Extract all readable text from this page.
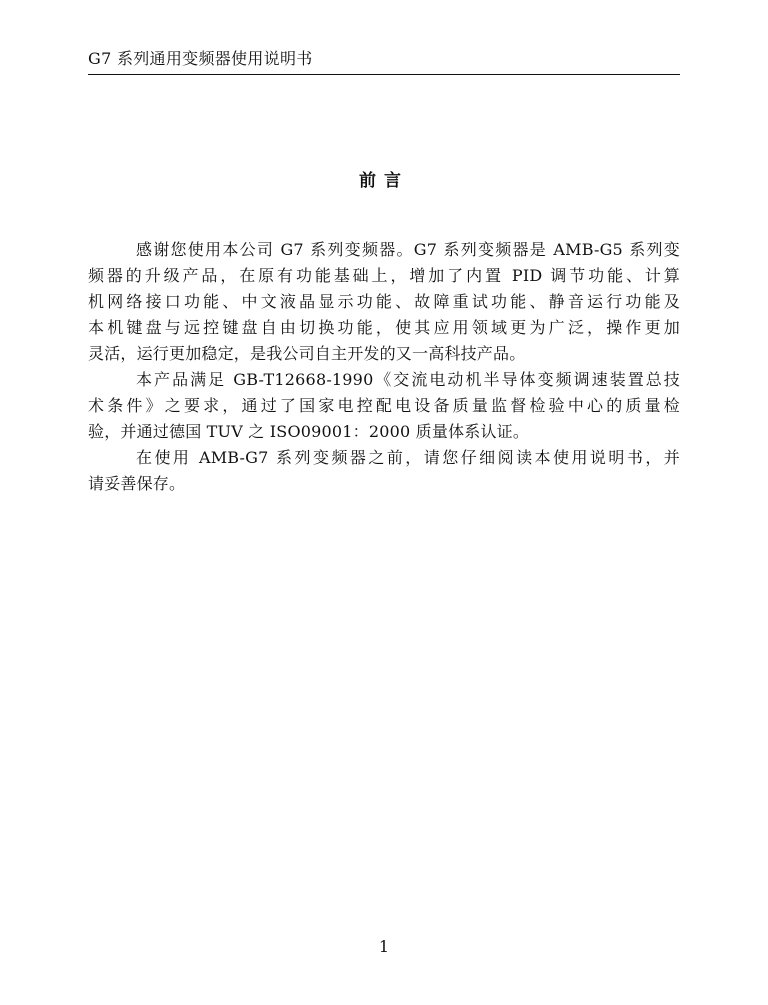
G7 系列通用变频器使用说明书
前言
感谢您使用本公司 G7 系列变频器。G7 系列变频器是 AMB-G5 系列变
频器的升级产品，在原有功能基础上，增加了内置 PID 调节功能、计算
机网络接口功能、中文液晶显示功能、故障重试功能、静音运行功能及
本机键盘与远控键盘自由切换功能，使其应用领域更为广泛，操作更加
灵活，运行更加稳定，是我公司自主开发的又一高科技产品。
本产品满足 GB-T12668-1990《交流电动机半导体变频调速装置总技
术条件》之要求，通过了国家电控配电设备质量监督检验中心的质量检
验，并通过德国 TUV 之 ISO09001：2000 质量体系认证。
在使用 AMB-G7 系列变频器之前，请您仔细阅读本使用说明书，并
请妥善保存。
1
